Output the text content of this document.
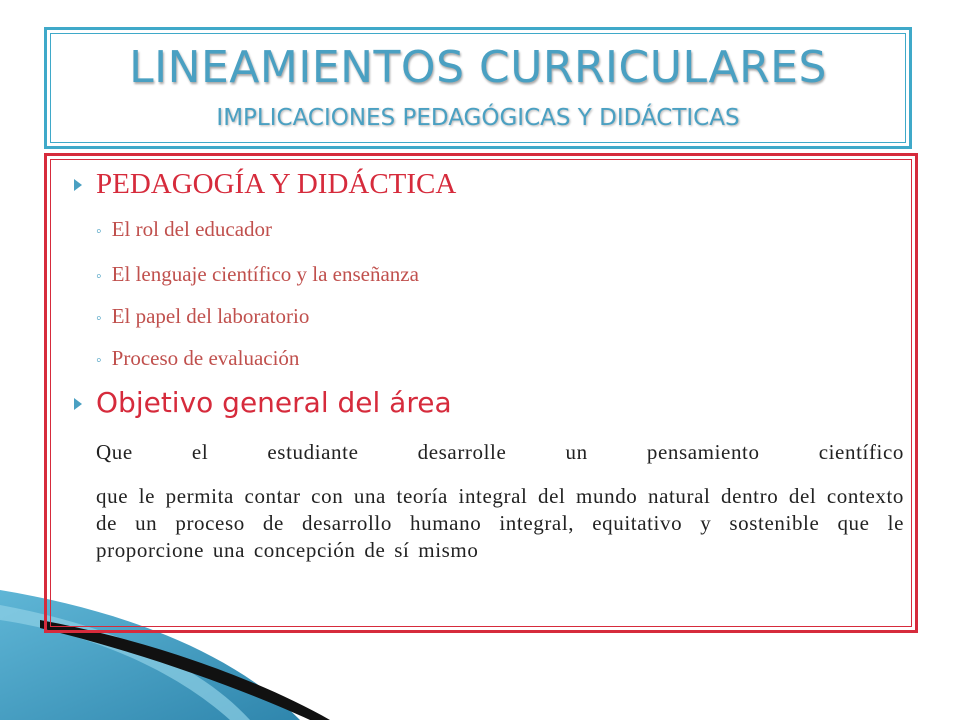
LINEAMIENTOS CURRICULARES
IMPLICACIONES PEDAGÓGICAS Y DIDÁCTICAS
PEDAGOGÍA Y DIDÁCTICA
◦ El rol del educador
◦ El lenguaje científico y la enseñanza
◦ El papel del laboratorio
◦ Proceso de evaluación
Objetivo general del área
Que el estudiante desarrolle un pensamiento científico
que le permita contar con una teoría integral del mundo natural dentro del contexto de un proceso de desarrollo humano integral, equitativo y sostenible que le proporcione una concepción de sí mismo
